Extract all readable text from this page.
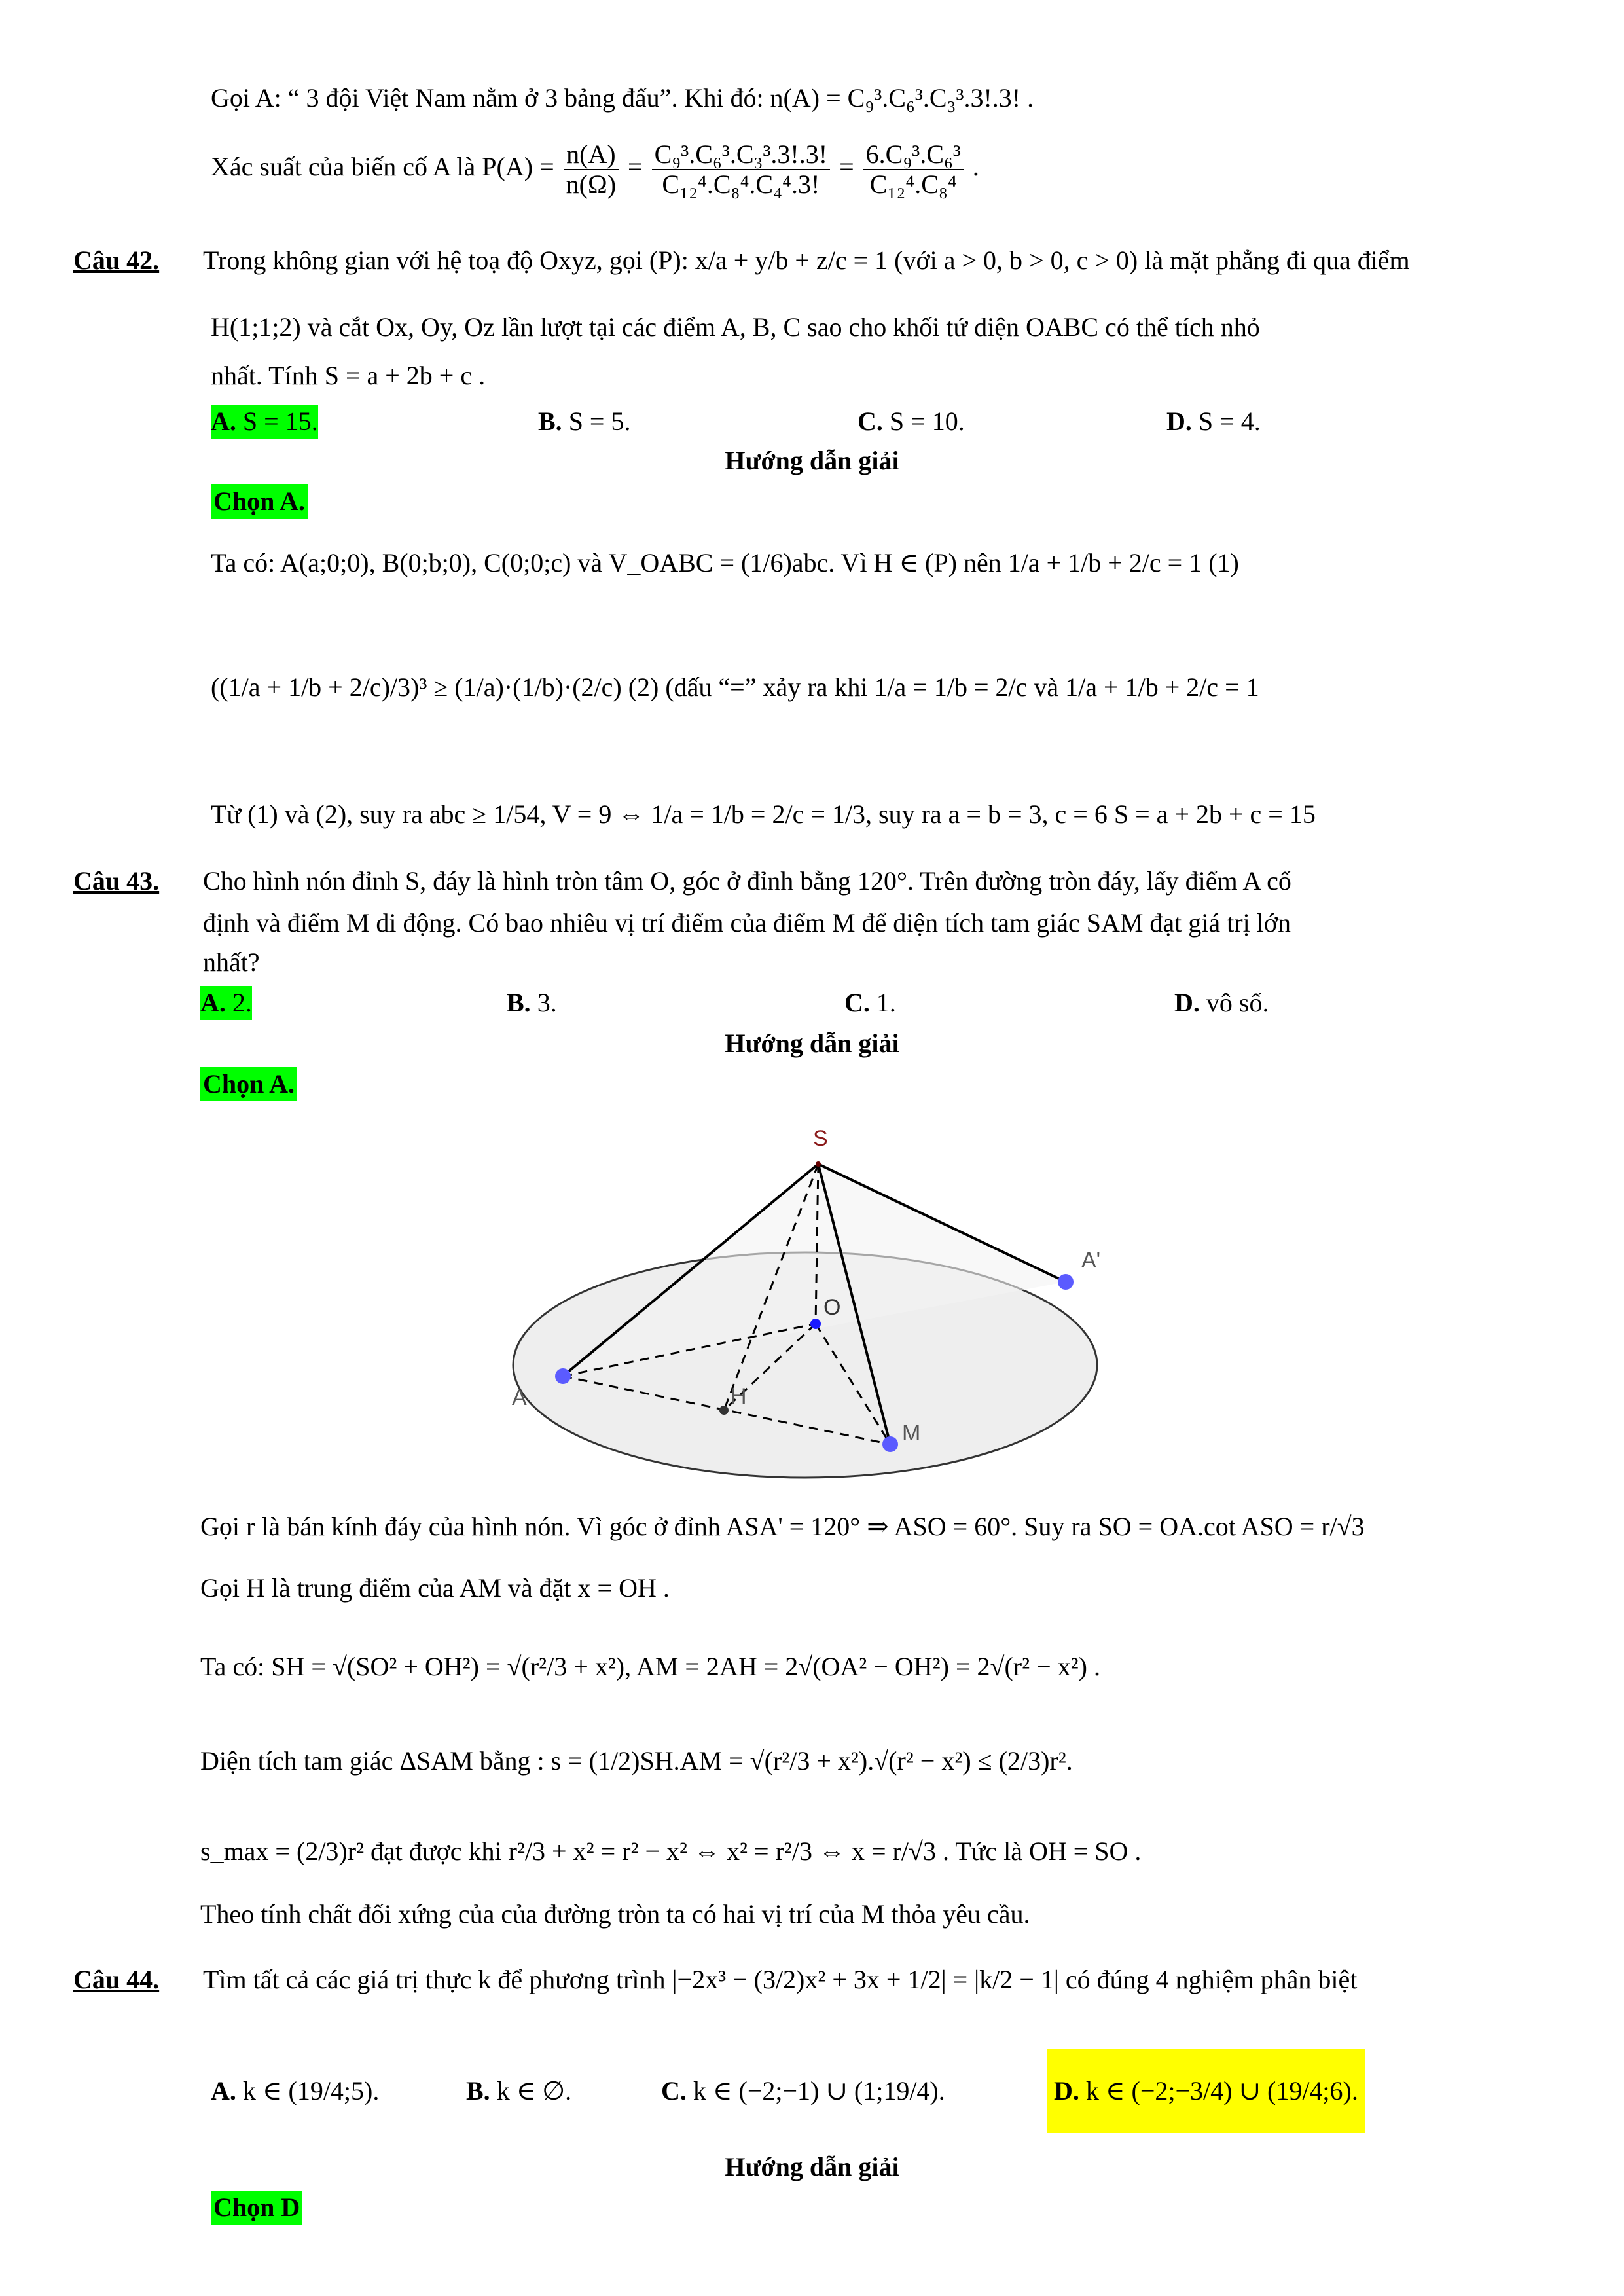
Gọi A: “ 3 đội Việt Nam nằm ở 3 bảng đấu”. Khi đó: n(A) = C₉³.C₆³.C₃³.3!.3! .
Xác suất của biến cố A là $P(A) = \frac{n(A)}{n(\Omega)} = \frac{\text{C₉³.C₆³.C₃³.3!.3!}}{\text{C₁₂⁴.C₈⁴.C₄⁴.3!}} = \frac{\text{6.C₉³.C₆³}}{\text{C₁₂⁴.C₈⁴}}$ .
Câu 42. Trong không gian với hệ toạ độ Oxyz, gọi (P): x/a + y/b + z/c = 1 (với a > 0, b > 0, c > 0) là mặt phẳng đi qua điểm
H(1;1;2) và cắt Ox, Oy, Oz lần lượt tại các điểm A, B, C sao cho khối tứ diện OABC có thể tích nhỏ
nhất. Tính S = a + 2b + c .
A. S = 15.	B. S = 5.	C. S = 10.	D. S = 4.
Hướng dẫn giải
Chọn A.
Ta có: A(a;0;0), B(0;b;0), C(0;0;c) và V_OABC = (1/6)abc. Vì H ∈ (P) nên 1/a + 1/b + 2/c = 1 (1)
((1/a + 1/b + 2/c)/3)³ ≥ (1/a)·(1/b)·(2/c) (2) (dấu “=” xảy ra khi 1/a = 1/b = 2/c và 1/a + 1/b + 2/c = 1
Từ (1) và (2), suy ra abc ≥ 1/54, V = 9 ⇔ 1/a = 1/b = 2/c = 1/3, suy ra a = b = 3, c = 6 S = a + 2b + c = 15
Câu 43. Cho hình nón đỉnh S, đáy là hình tròn tâm O, góc ở đỉnh bằng 120°. Trên đường tròn đáy, lấy điểm A cố
định và điểm M di động. Có bao nhiêu vị trí điểm của điểm M để diện tích tam giác SAM đạt giá trị lớn
nhất?
A. 2.	B. 3.	C. 1.	D. vô số.
Hướng dẫn giải
Chọn A.
S
O
A
A'
H
M
Gọi r là bán kính đáy của hình nón. Vì góc ở đỉnh ASA' = 120° ⇒ ASO = 60°. Suy ra SO = OA.cot ASO = r/√3
Gọi H là trung điểm của AM và đặt x = OH .
Ta có: SH = √(SO² + OH²) = √(r²/3 + x²), AM = 2AH = 2√(OA² − OH²) = 2√(r² − x²) .
Diện tích tam giác ΔSAM bằng : s = (1/2)SH.AM = √(r²/3 + x²).√(r² − x²) ≤ (2/3)r².
s_max = (2/3)r² đạt được khi r²/3 + x² = r² − x² ⇔ x² = r²/3 ⇔ x = r/√3 . Tức là OH = SO .
Theo tính chất đối xứng của của đường tròn ta có hai vị trí của M thỏa yêu cầu.
Câu 44. Tìm tất cả các giá trị thực k để phương trình |−2x³ − (3/2)x² + 3x + 1/2| = |k/2 − 1| có đúng 4 nghiệm phân biệt
A. k ∈ (19/4;5).	B. k ∈ ∅.	C. k ∈ (−2;−1) ∪ (1;19/4).	D. k ∈ (−2;−3/4) ∪ (19/4;6).
Hướng dẫn giải
Chọn D
